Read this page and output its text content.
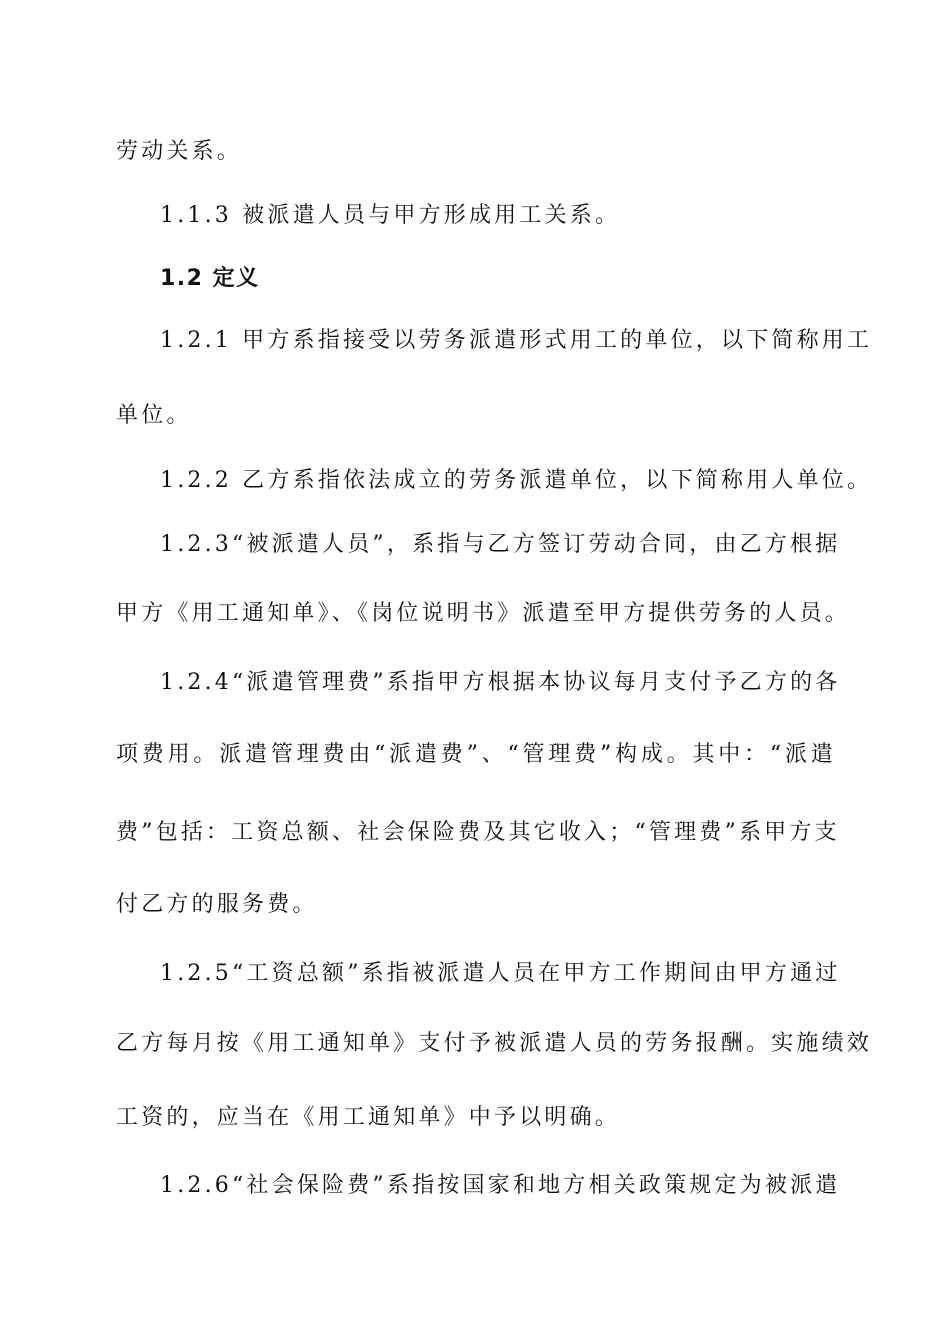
劳动关系。
1.1.3 被派遣人员与甲方形成用工关系。
1.2 定义
1.2.1 甲方系指接受以劳务派遣形式用工的单位，以下简称用工
单位。
1.2.2 乙方系指依法成立的劳务派遣单位，以下简称用人单位。
1.2.3“被派遣人员”，系指与乙方签订劳动合同，由乙方根据
甲方《用工通知单》、《岗位说明书》派遣至甲方提供劳务的人员。
1.2.4“派遣管理费”系指甲方根据本协议每月支付予乙方的各
项费用。派遣管理费由“派遣费”、“管理费”构成。其中：“派遣
费”包括：工资总额、社会保险费及其它收入；“管理费”系甲方支
付乙方的服务费。
1.2.5“工资总额”系指被派遣人员在甲方工作期间由甲方通过
乙方每月按《用工通知单》支付予被派遣人员的劳务报酬。实施绩效
工资的，应当在《用工通知单》中予以明确。
1.2.6“社会保险费”系指按国家和地方相关政策规定为被派遣
